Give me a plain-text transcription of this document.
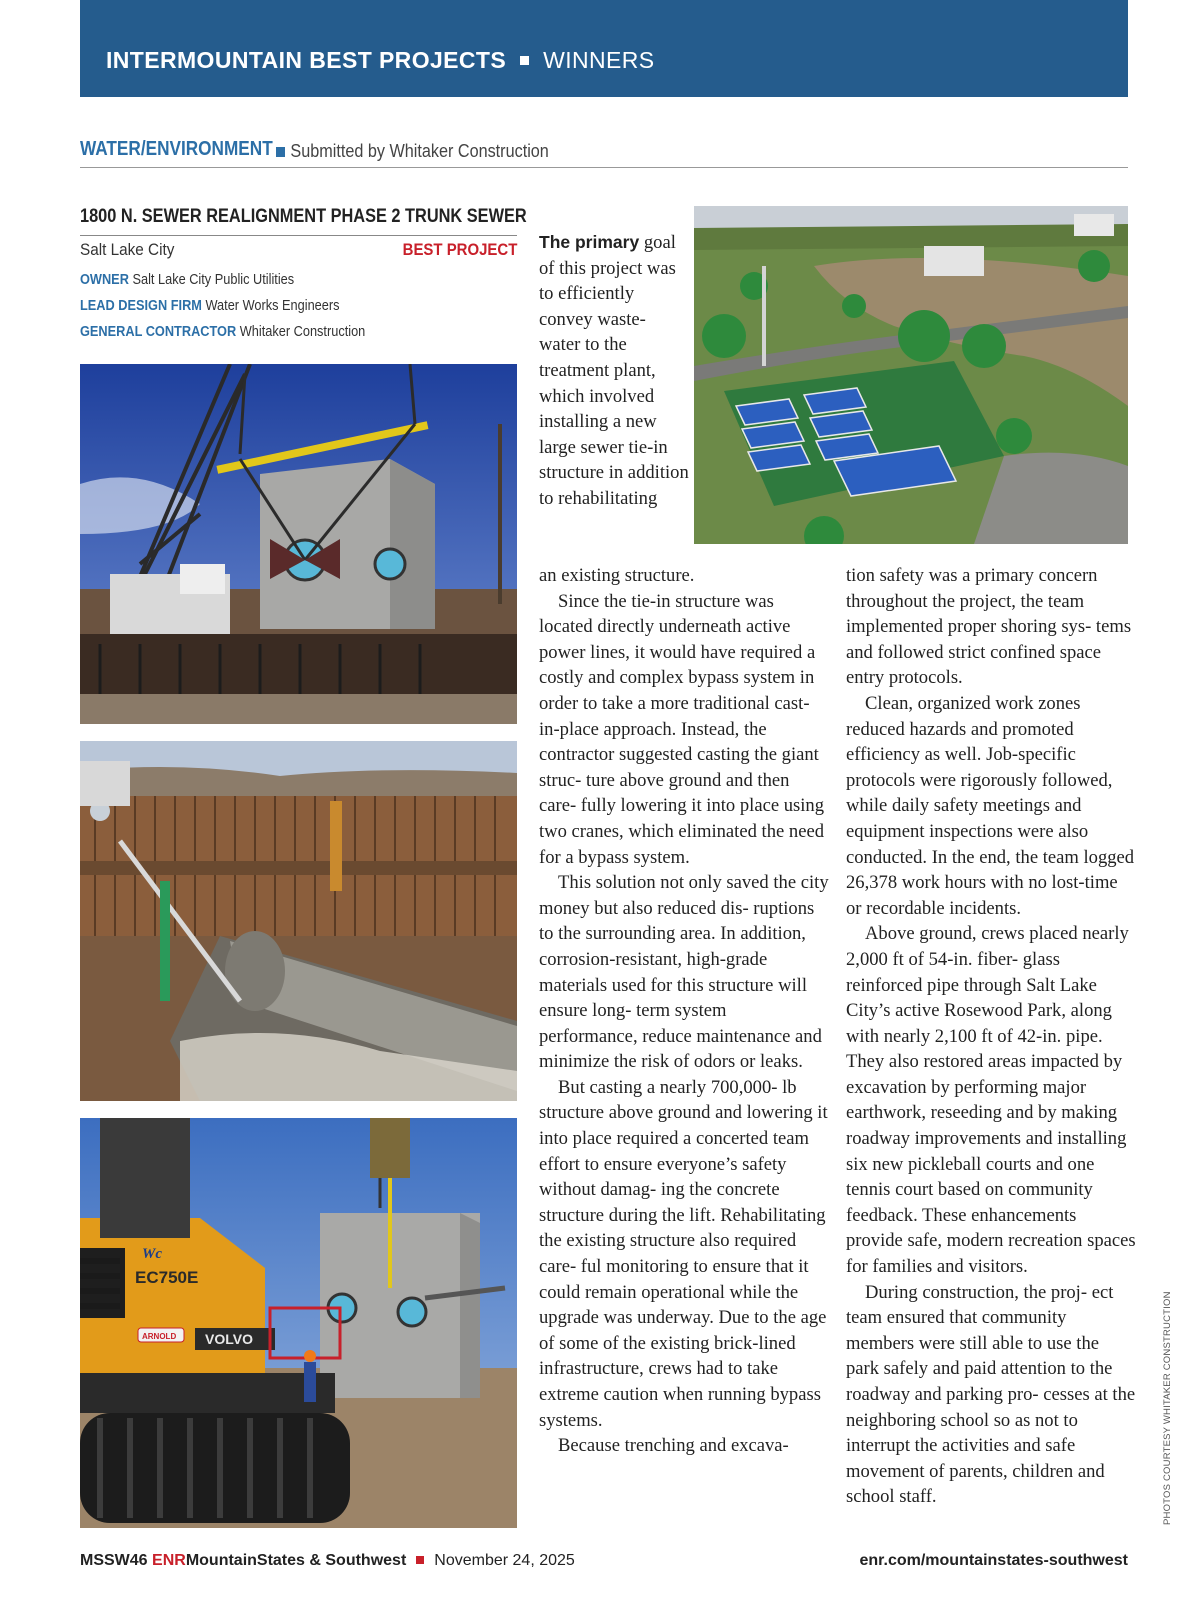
INTERMOUNTAIN BEST PROJECTS WINNERS
WATER/ENVIRONMENT Submitted by Whitaker Construction
1800 N. SEWER REALIGNMENT PHASE 2 TRUNK SEWER
Salt Lake City	BEST PROJECT
OWNER Salt Lake City Public Utilities
LEAD DESIGN FIRM Water Works Engineers
GENERAL CONTRACTOR Whitaker Construction
EC750E
Wc
ARNOLD VOLVO

The primary goal of this project was to efficiently convey waste- water to the treatment plant, which involved installing a new large sewer tie-in structure in addition to rehabilitating

an existing structure.

Since the tie-in structure was located directly underneath active power lines, it would have required a costly and complex bypass system in order to take a more traditional cast-in-place approach. Instead, the contractor suggested casting the giant struc- ture above ground and then care- fully lowering it into place using two cranes, which eliminated the need for a bypass system.

This solution not only saved the city money but also reduced dis- ruptions to the surrounding area. In addition, corrosion-resistant, high-grade materials used for this structure will ensure long- term system performance, reduce maintenance and minimize the risk of odors or leaks.

But casting a nearly 700,000- lb structure above ground and lowering it into place required a concerted team effort to ensure everyone’s safety without damag- ing the concrete structure during the lift. Rehabilitating the existing structure also required care- ful monitoring to ensure that it could remain operational while the upgrade was underway. Due to the age of some of the existing brick-lined infrastructure, crews had to take extreme caution when running bypass systems.

Because trenching and excava-

tion safety was a primary concern throughout the project, the team implemented proper shoring sys- tems and followed strict confined space entry protocols.

Clean, organized work zones reduced hazards and promoted efficiency as well. Job-specific protocols were rigorously followed, while daily safety meetings and equipment inspections were also conducted. In the end, the team logged 26,378 work hours with no lost-time or recordable incidents.

Above ground, crews placed nearly 2,000 ft of 54-in. fiber- glass reinforced pipe through Salt Lake City’s active Rosewood Park, along with nearly 2,100 ft of 42-in. pipe. They also restored areas impacted by excavation by performing major earthwork, reseeding and by making roadway improvements and installing six new pickleball courts and one tennis court based on community feedback. These enhancements provide safe, modern recreation spaces for families and visitors.

During construction, the proj- ect team ensured that community members were still able to use the park safely and paid attention to the roadway and parking pro- cesses at the neighboring school so as not to interrupt the activities and safe movement of parents, children and school staff.	PHOTOS COURTESY WHITAKER CONSTRUCTION
MSSW46 ENRMountainStates & Southwest November 24, 2025	enr.com/mountainstates-southwest
